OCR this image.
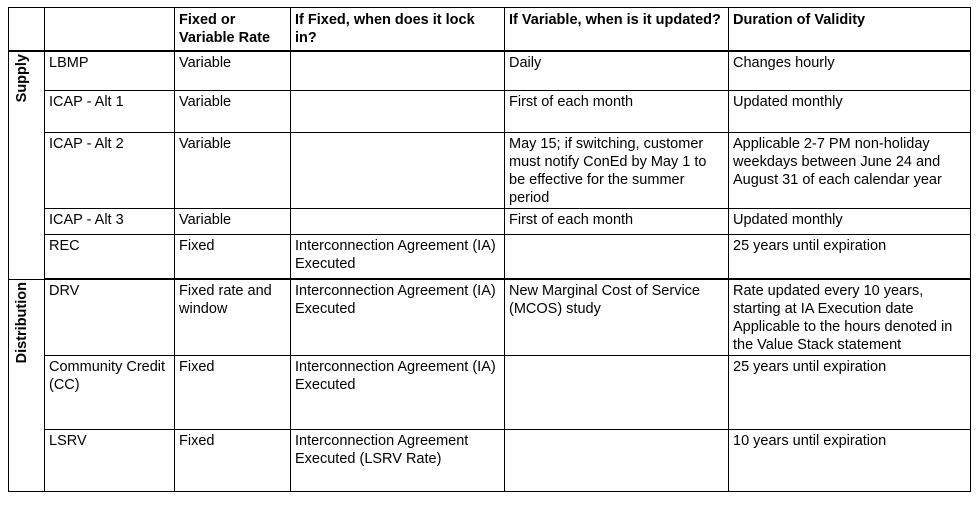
		Fixed or Variable Rate	If Fixed, when does it lock in?	If Variable, when is it updated?	Duration of Validity
Supply	LBMP	Variable		Daily	Changes hourly
	ICAP - Alt 1	Variable		First of each month	Updated monthly
	ICAP - Alt 2	Variable		May 15; if switching, customer must notify ConEd by May 1 to be effective for the summer period	Applicable 2-7 PM non-holiday weekdays between June 24 and August 31 of each calendar year
	ICAP - Alt 3	Variable		First of each month	Updated monthly
	REC	Fixed	Interconnection Agreement (IA) Executed		25 years until expiration
Distribution	DRV	Fixed rate and window	Interconnection Agreement (IA) Executed	New Marginal Cost of Service (MCOS) study	Rate updated every 10 years, starting at IA Execution date Applicable to the hours denoted in the Value Stack statement
	Community Credit (CC)	Fixed	Interconnection Agreement (IA) Executed		25 years until expiration
	LSRV	Fixed	Interconnection Agreement Executed (LSRV Rate)		10 years until expiration
